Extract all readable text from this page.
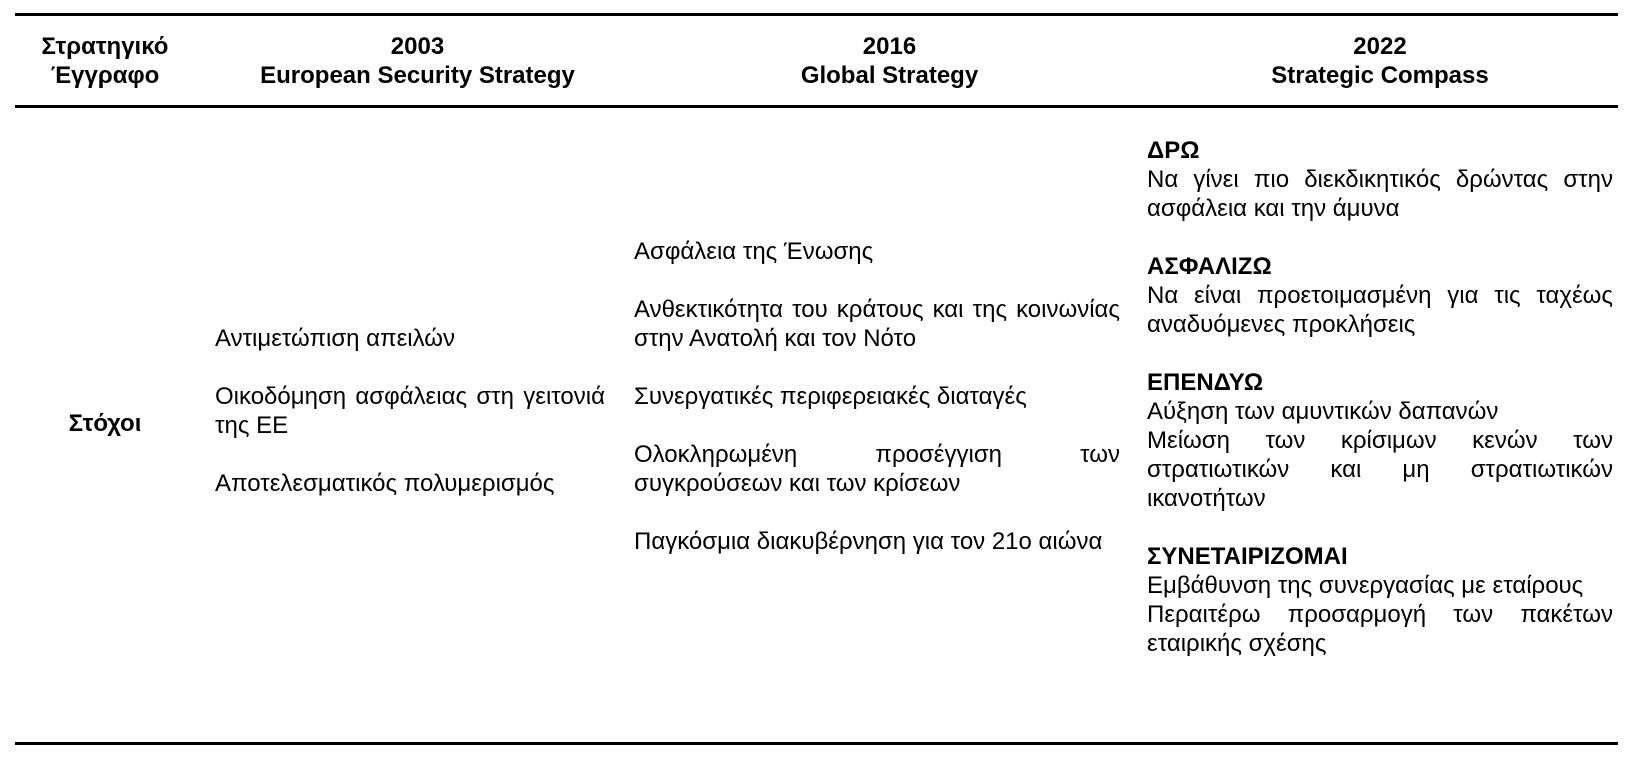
Στρατηγικό
Έγγραφο
2003
European Security Strategy
2016
Global Strategy
2022
Strategic Compass
Στόχοι

Αντιμετώπιση απειλών

Οικοδόμηση ασφάλειας στη γειτονιά της ΕΕ

Αποτελεσματικός πολυμερισμός

Ασφάλεια της Ένωσης

Ανθεκτικότητα του κράτους και της κοινωνίας στην Ανατολή και τον Νότο

Συνεργατικές περιφερειακές διαταγές

Ολοκληρωμένη προσέγγιση των συγκρούσεων και των κρίσεων

Παγκόσμια διακυβέρνηση για τον 21ο αιώνα

ΔΡΩ

Να γίνει πιο διεκδικητικός δρώντας στην ασφάλεια και την άμυνα

ΑΣΦΑΛΙΖΩ

Να είναι προετοιμασμένη για τις ταχέως αναδυόμενες προκλήσεις

ΕΠΕΝΔΥΩ

Αύξηση των αμυντικών δαπανών

Μείωση των κρίσιμων κενών των στρατιωτικών και μη στρατιωτικών ικανοτήτων

ΣΥΝΕΤΑΙΡΙΖΟΜΑΙ

Εμβάθυνση της συνεργασίας με εταίρους

Περαιτέρω προσαρμογή των πακέτων εταιρικής σχέσης
